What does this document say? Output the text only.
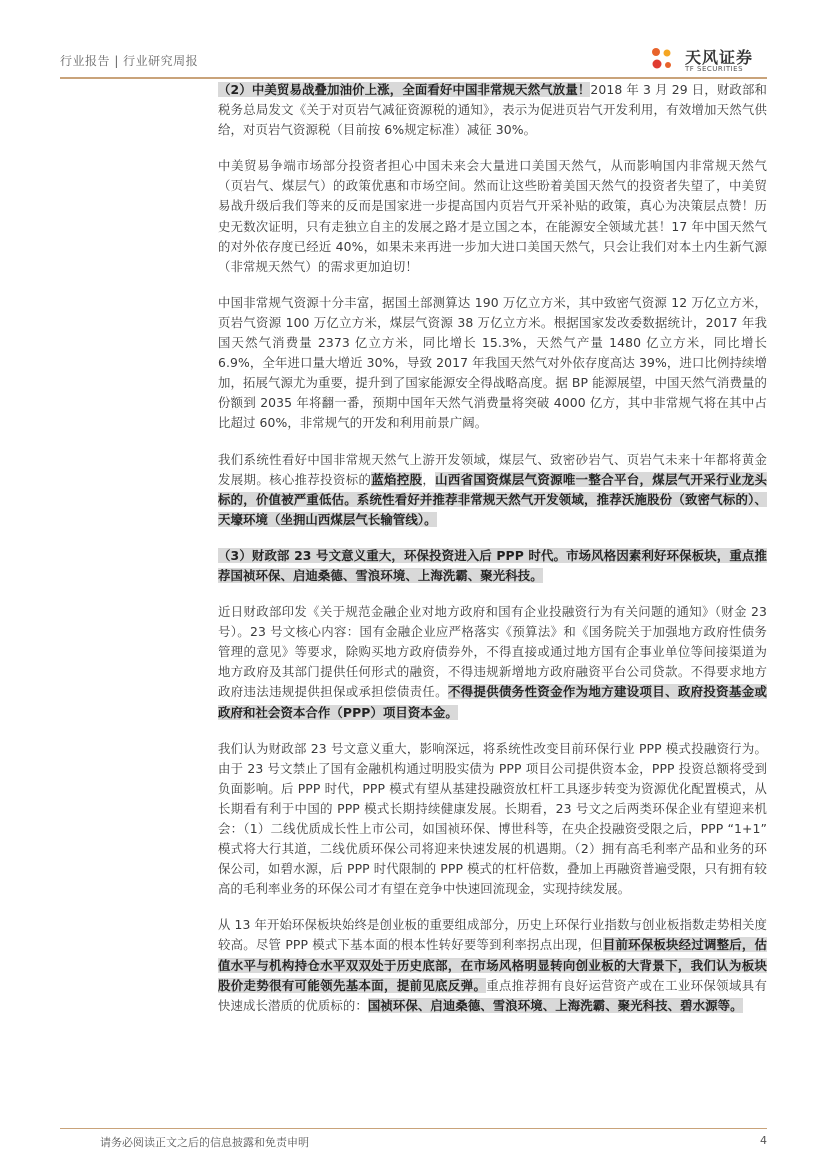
行业报告 | 行业研究周报	天风证券
TF SECURITIES

（2）中美贸易战叠加油价上涨，全面看好中国非常规天然气放量！2018 年 3 月 29 日，财政部和税务总局发文《关于对页岩气减征资源税的通知》，表示为促进页岩气开发利用，有效增加天然气供给，对页岩气资源税（目前按 6%规定标准）减征 30%。

中美贸易争端市场部分投资者担心中国未来会大量进口美国天然气，从而影响国内非常规天然气（页岩气、煤层气）的政策优惠和市场空间。然而让这些盼着美国天然气的投资者失望了，中美贸易战升级后我们等来的反而是国家进一步提高国内页岩气开采补贴的政策，真心为决策层点赞！历史无数次证明，只有走独立自主的发展之路才是立国之本，在能源安全领域尤甚！17 年中国天然气的对外依存度已经近 40%，如果未来再进一步加大进口美国天然气，只会让我们对本土内生新气源（非常规天然气）的需求更加迫切！

中国非常规气资源十分丰富，据国土部测算达 190 万亿立方米，其中致密气资源 12 万亿立方米，页岩气资源 100 万亿立方米，煤层气资源 38 万亿立方米。根据国家发改委数据统计，2017 年我国天然气消费量 2373 亿立方米，同比增长 15.3%，天然气产量 1480 亿立方米，同比增长 6.9%，全年进口量大增近 30%，导致 2017 年我国天然气对外依存度高达 39%，进口比例持续增加，拓展气源尤为重要，提升到了国家能源安全得战略高度。据 BP 能源展望，中国天然气消费量的份额到 2035 年将翻一番，预期中国年天然气消费量将突破 4000 亿方，其中非常规气将在其中占比超过 60%，非常规气的开发和利用前景广阔。

我们系统性看好中国非常规天然气上游开发领域，煤层气、致密砂岩气、页岩气未来十年都将黄金发展期。核心推荐投资标的蓝焰控股，山西省国资煤层气资源唯一整合平台，煤层气开采行业龙头标的，价值被严重低估。系统性看好并推荐非常规天然气开发领域，推荐沃施股份（致密气标的）、天壕环境（坐拥山西煤层气长输管线）。

（3）财政部 23 号文意义重大，环保投资进入后 PPP 时代。市场风格因素利好环保板块，重点推荐国祯环保、启迪桑德、雪浪环境、上海洗霸、聚光科技。

近日财政部印发《关于规范金融企业对地方政府和国有企业投融资行为有关问题的通知》（财金 23 号）。23 号文核心内容：国有金融企业应严格落实《预算法》和《国务院关于加强地方政府性债务管理的意见》等要求，除购买地方政府债券外，不得直接或通过地方国有企事业单位等间接渠道为地方政府及其部门提供任何形式的融资，不得违规新增地方政府融资平台公司贷款。不得要求地方政府违法违规提供担保或承担偿债责任。不得提供债务性资金作为地方建设项目、政府投资基金或政府和社会资本合作（PPP）项目资本金。

我们认为财政部 23 号文意义重大，影响深远，将系统性改变目前环保行业 PPP 模式投融资行为。由于 23 号文禁止了国有金融机构通过明股实债为 PPP 项目公司提供资本金，PPP 投资总额将受到负面影响。后 PPP 时代，PPP 模式有望从基建投融资放杠杆工具逐步转变为资源优化配置模式，从长期看有利于中国的 PPP 模式长期持续健康发展。长期看，23 号文之后两类环保企业有望迎来机会：（1）二线优质成长性上市公司，如国祯环保、博世科等，在央企投融资受限之后，PPP “1+1” 模式将大行其道，二线优质环保公司将迎来快速发展的机遇期。（2）拥有高毛利率产品和业务的环保公司，如碧水源，后 PPP 时代限制的 PPP 模式的杠杆倍数，叠加上再融资普遍受限，只有拥有较高的毛利率业务的环保公司才有望在竞争中快速回流现金，实现持续发展。

从 13 年开始环保板块始终是创业板的重要组成部分，历史上环保行业指数与创业板指数走势相关度较高。尽管 PPP 模式下基本面的根本性转好要等到利率拐点出现，但目前环保板块经过调整后，估值水平与机构持仓水平双双处于历史底部，在市场风格明显转向创业板的大背景下，我们认为板块股价走势很有可能领先基本面，提前见底反弹。重点推荐拥有良好运营资产或在工业环保领域具有快速成长潜质的优质标的：国祯环保、启迪桑德、雪浪环境、上海洗霸、聚光科技、碧水源等。

请务必阅读正文之后的信息披露和免责申明	4
